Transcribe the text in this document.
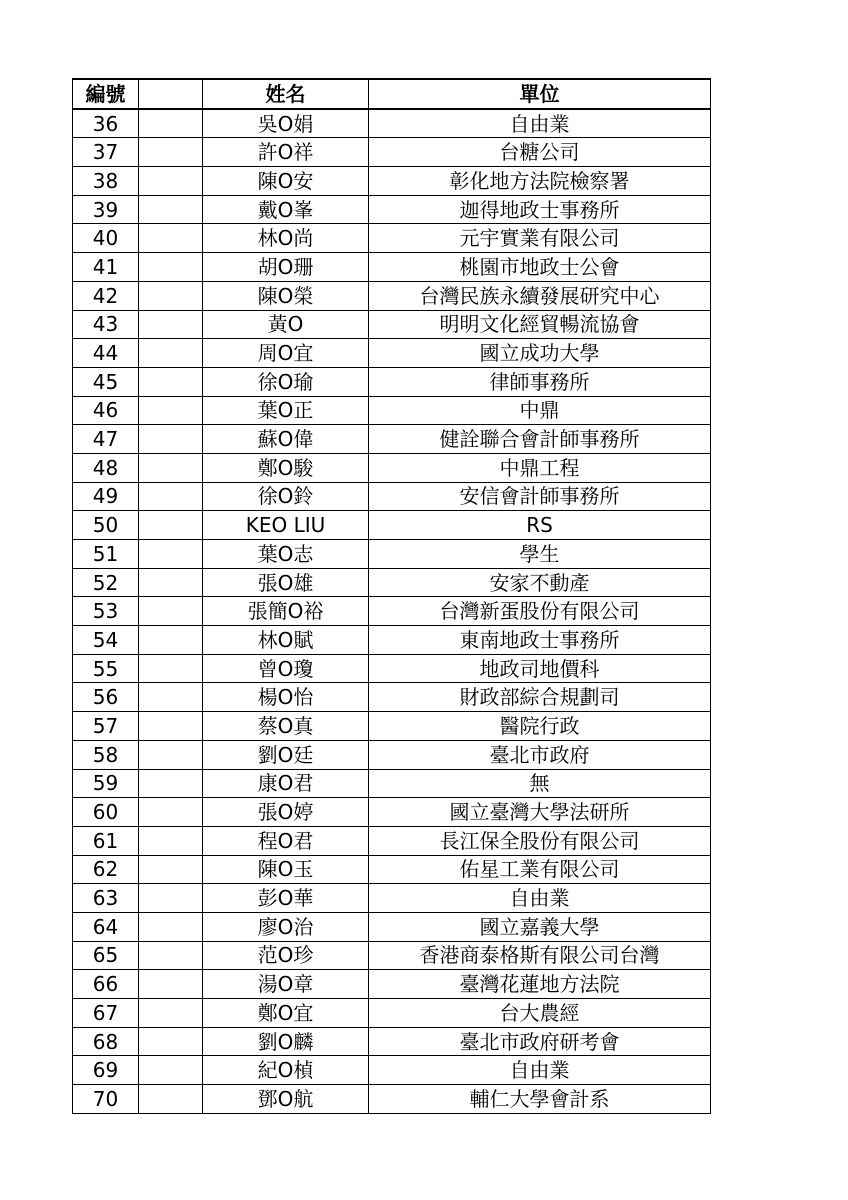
編號		姓名	單位
36		吳O娟	自由業
37		許O祥	台糖公司
38		陳O安	彰化地方法院檢察署
39		戴O峯	迦得地政士事務所
40		林O尚	元宇實業有限公司
41		胡O珊	桃園市地政士公會
42		陳O榮	台灣民族永續發展研究中心
43		黃O	明明文化經貿暢流協會
44		周O宜	國立成功大學
45		徐O瑜	律師事務所
46		葉O正	中鼎
47		蘇O偉	健詮聯合會計師事務所
48		鄭O駿	中鼎工程
49		徐O鈴	安信會計師事務所
50		KEO LIU	RS
51		葉O志	學生
52		張O雄	安家不動產
53		張簡O裕	台灣新蛋股份有限公司
54		林O賦	東南地政士事務所
55		曾O瓊	地政司地價科
56		楊O怡	財政部綜合規劃司
57		蔡O真	醫院行政
58		劉O廷	臺北市政府
59		康O君	無
60		張O婷	國立臺灣大學法研所
61		程O君	長江保全股份有限公司
62		陳O玉	佑星工業有限公司
63		彭O華	自由業
64		廖O治	國立嘉義大學
65		范O珍	香港商泰格斯有限公司台灣
66		湯O章	臺灣花蓮地方法院
67		鄭O宜	台大農經
68		劉O麟	臺北市政府研考會
69		紀O楨	自由業
70		鄧O航	輔仁大學會計系
